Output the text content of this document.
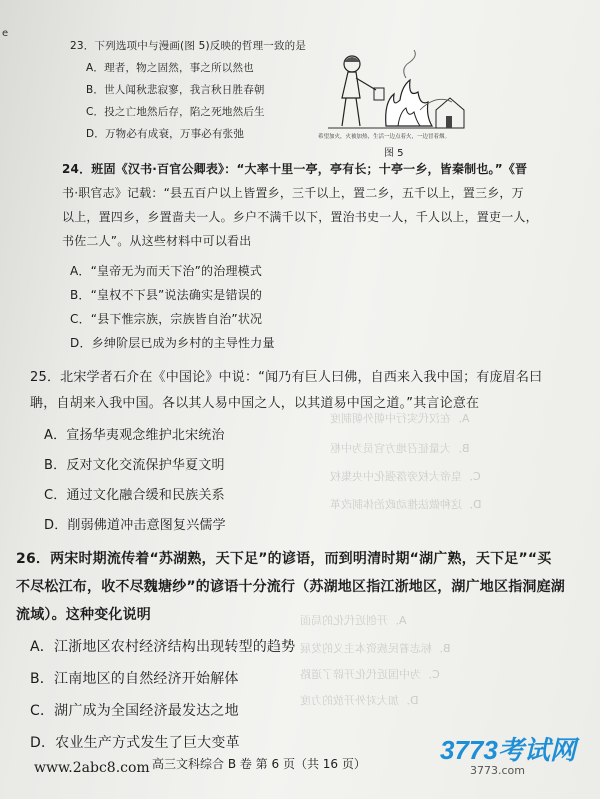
A．在汉代实行中朝外朝制度
B．大量征召地方官员为中枢
C．皇帝大权旁落强化中央集权
D．这种做法推动政治体制改革
A．开创近代化的局面
B．标志着民族资本主义的发展
C．为中国近代化开辟了道路
D．加大对外开放的力度
e
23．下列选项中与漫画(图 5)反映的哲理一致的是
A．理者，物之固然，事之所以然也
B．世人闻秋悲寂寥，我言秋日胜春朝
C．投之亡地然后存，陷之死地然后生
D．万物必有成衰，万事必有张弛	希望加火，火被加热，生活一边点着火，一边冒着烟。
图 5
24．班固《汉书·百官公卿表》：“大率十里一亭，亭有长；十亭一乡，皆秦制也。”《晋
书·职官志》记载：“县五百户以上皆置乡，三千以上，置二乡，五千以上，置三乡，万
以上，置四乡，乡置啬夫一人。乡户不满千以下，置治书史一人，千人以上，置吏一人，
书佐二人”。从这些材料中可以看出
A．“皇帝无为而天下治”的治理模式
B．“皇权不下县”说法确实是错误的
C．“县下惟宗族，宗族皆自治”状况
D．乡绅阶层已成为乡村的主导性力量
25．北宋学者石介在《中国论》中说：“闻乃有巨人曰佛，自西来入我中国；有庞眉名曰
聃，自胡来入我中国。各以其人易中国之人，以其道易中国之道。”其言论意在
A．宣扬华夷观念维护北宋统治
B．反对文化交流保护华夏文明
C．通过文化融合缓和民族关系
D．削弱佛道冲击意图复兴儒学
26．两宋时期流传着“苏湖熟，天下足”的谚语，而到明清时期“湖广熟，天下足”“买
不尽松江布，收不尽魏塘纱”的谚语十分流行（苏湖地区指江浙地区，湖广地区指洞庭湖
流域）。这种变化说明
A．江浙地区农村经济结构出现转型的趋势
B．江南地区的自然经济开始解体
C．湖广成为全国经济最发达之地
D．农业生产方式发生了巨大变革
高三文科综合 B 卷 第 6 页（共 16 页）
www.2abc8.com
3773考试网
3773.com
